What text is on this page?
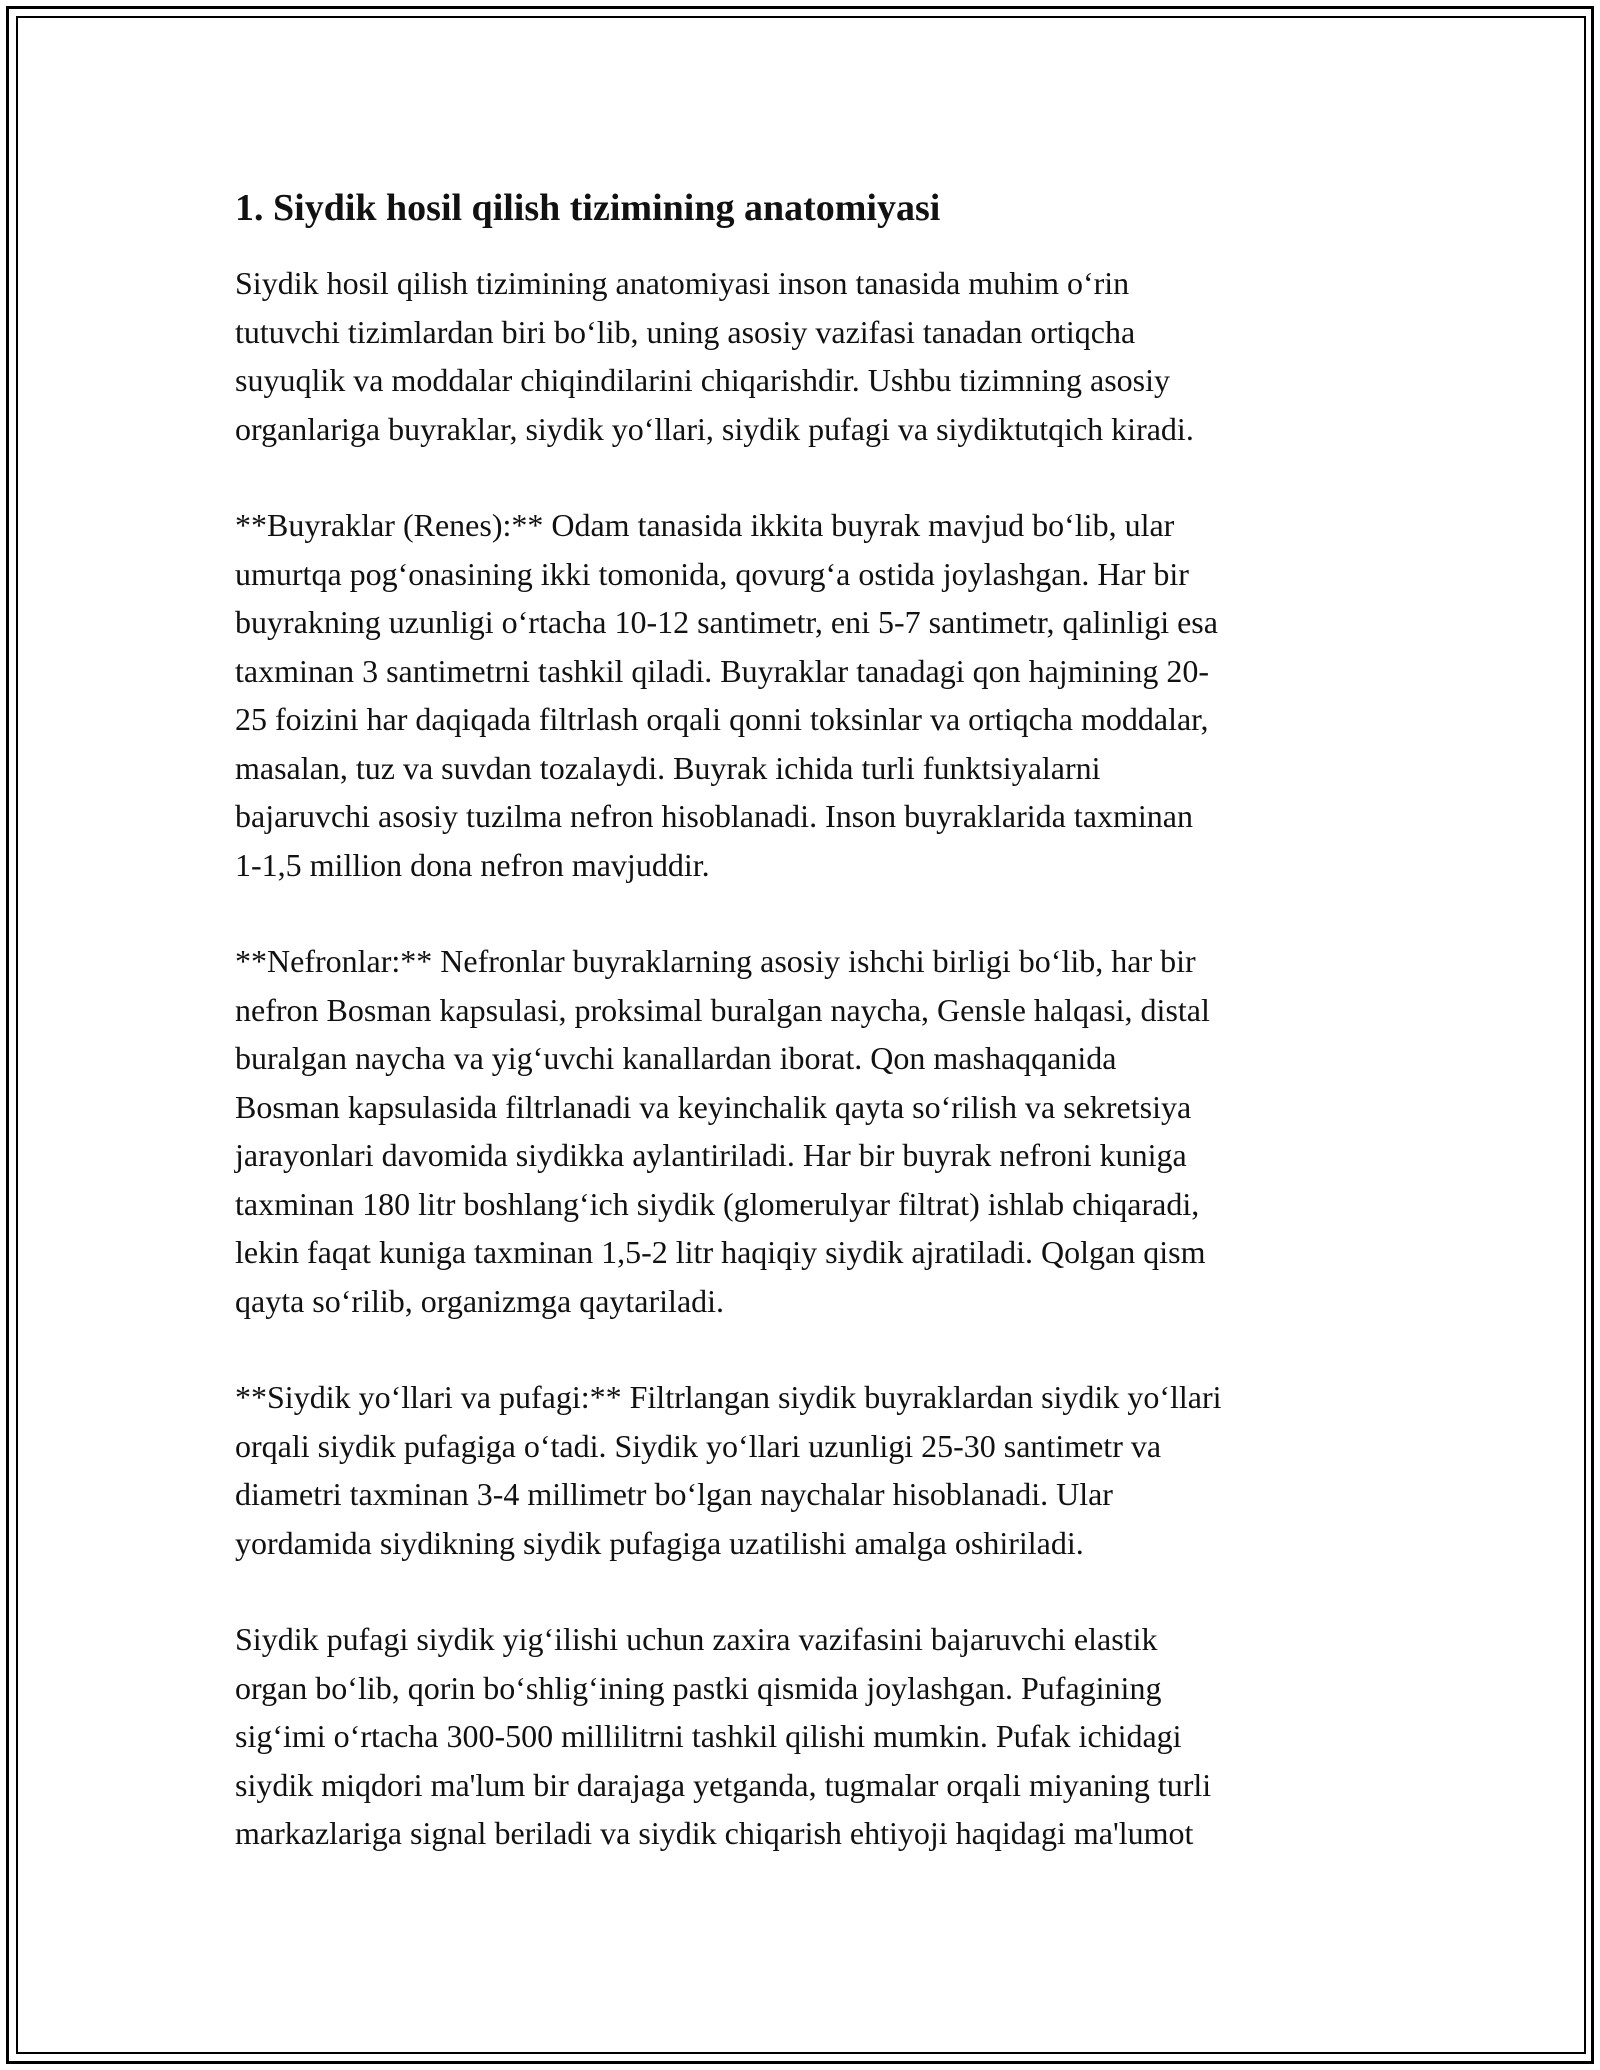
1. Siydik hosil qilish tizimining anatomiyasi
Siydik hosil qilish tizimining anatomiyasi inson tanasida muhim o‘rin
tutuvchi tizimlardan biri bo‘lib, uning asosiy vazifasi tanadan ortiqcha
suyuqlik va moddalar chiqindilarini chiqarishdir. Ushbu tizimning asosiy
organlariga buyraklar, siydik yo‘llari, siydik pufagi va siydiktutqich kiradi.
**Buyraklar (Renes):** Odam tanasida ikkita buyrak mavjud bo‘lib, ular
umurtqa pog‘onasining ikki tomonida, qovurg‘a ostida joylashgan. Har bir
buyrakning uzunligi o‘rtacha 10-12 santimetr, eni 5-7 santimetr, qalinligi esa
taxminan 3 santimetrni tashkil qiladi. Buyraklar tanadagi qon hajmining 20-
25 foizini har daqiqada filtrlash orqali qonni toksinlar va ortiqcha moddalar,
masalan, tuz va suvdan tozalaydi. Buyrak ichida turli funktsiyalarni
bajaruvchi asosiy tuzilma nefron hisoblanadi. Inson buyraklarida taxminan
1-1,5 million dona nefron mavjuddir.
**Nefronlar:** Nefronlar buyraklarning asosiy ishchi birligi bo‘lib, har bir
nefron Bosman kapsulasi, proksimal buralgan naycha, Gensle halqasi, distal
buralgan naycha va yig‘uvchi kanallardan iborat. Qon mashaqqanida
Bosman kapsulasida filtrlanadi va keyinchalik qayta so‘rilish va sekretsiya
jarayonlari davomida siydikka aylantiriladi. Har bir buyrak nefroni kuniga
taxminan 180 litr boshlang‘ich siydik (glomerulyar filtrat) ishlab chiqaradi,
lekin faqat kuniga taxminan 1,5-2 litr haqiqiy siydik ajratiladi. Qolgan qism
qayta so‘rilib, organizmga qaytariladi.
**Siydik yo‘llari va pufagi:** Filtrlangan siydik buyraklardan siydik yo‘llari
orqali siydik pufagiga o‘tadi. Siydik yo‘llari uzunligi 25-30 santimetr va
diametri taxminan 3-4 millimetr bo‘lgan naychalar hisoblanadi. Ular
yordamida siydikning siydik pufagiga uzatilishi amalga oshiriladi.
Siydik pufagi siydik yig‘ilishi uchun zaxira vazifasini bajaruvchi elastik
organ bo‘lib, qorin bo‘shlig‘ining pastki qismida joylashgan. Pufagining
sig‘imi o‘rtacha 300-500 millilitrni tashkil qilishi mumkin. Pufak ichidagi
siydik miqdori ma'lum bir darajaga yetganda, tugmalar orqali miyaning turli
markazlariga signal beriladi va siydik chiqarish ehtiyoji haqidagi ma'lumot
